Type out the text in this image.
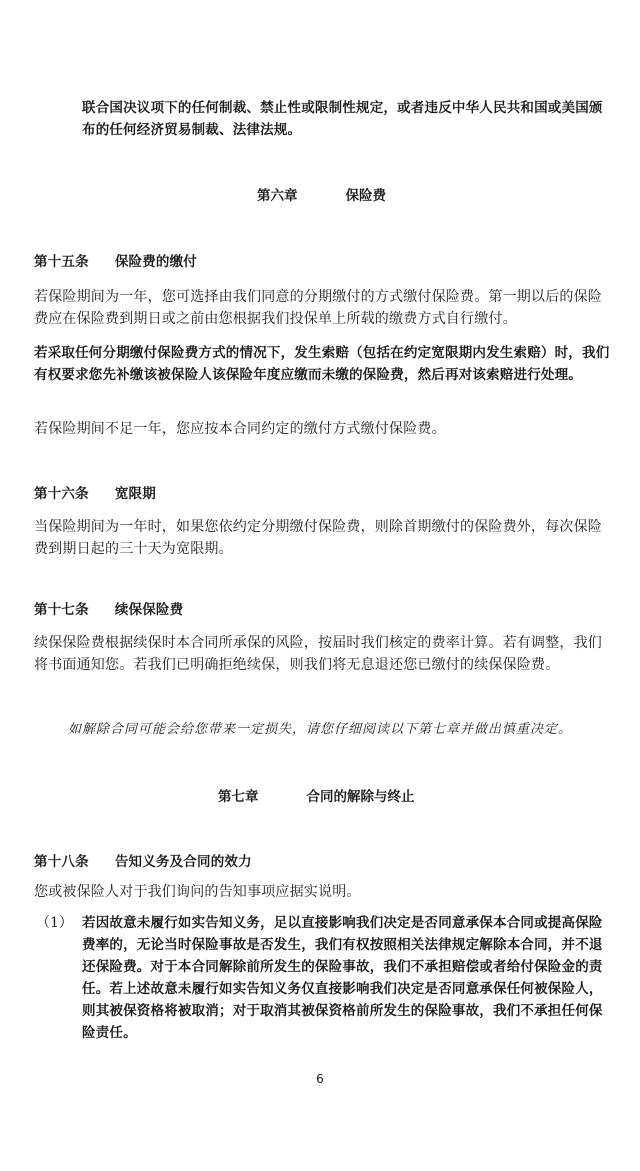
联合国决议项下的任何制裁、禁止性或限制性规定，或者违反中华人民共和国或美国颁布的任何经济贸易制裁、法律法规。

第六章	保险费
第十五条 保险费的缴付

若保险期间为一年，您可选择由我们同意的分期缴付的方式缴付保险费。第一期以后的保险费应在保险费到期日或之前由您根据我们投保单上所载的缴费方式自行缴付。

若采取任何分期缴付保险费方式的情况下，发生索赔（包括在约定宽限期内发生索赔）时，我们有权要求您先补缴该被保险人该保险年度应缴而未缴的保险费，然后再对该索赔进行处理。

若保险期间不足一年，您应按本合同约定的缴付方式缴付保险费。

第十六条 宽限期

当保险期间为一年时，如果您依约定分期缴付保险费，则除首期缴付的保险费外，每次保险费到期日起的三十天为宽限期。

第十七条 续保保险费

续保保险费根据续保时本合同所承保的风险，按届时我们核定的费率计算。若有调整，我们将书面通知您。若我们已明确拒绝续保，则我们将无息退还您已缴付的续保保险费。

如解除合同可能会给您带来一定损失，请您仔细阅读以下第七章并做出慎重决定。
第七章	合同的解除与终止
第十八条 告知义务及合同的效力

您或被保险人对于我们询问的告知事项应据实说明。

（1） 若因故意未履行如实告知义务，足以直接影响我们决定是否同意承保本合同或提高保险费率的，无论当时保险事故是否发生，我们有权按照相关法律规定解除本合同，并不退还保险费。对于本合同解除前所发生的保险事故，我们不承担赔偿或者给付保险金的责任。若上述故意未履行如实告知义务仅直接影响我们决定是否同意承保任何被保险人，则其被保资格将被取消；对于取消其被保资格前所发生的保险事故，我们不承担任何保险责任。

6
